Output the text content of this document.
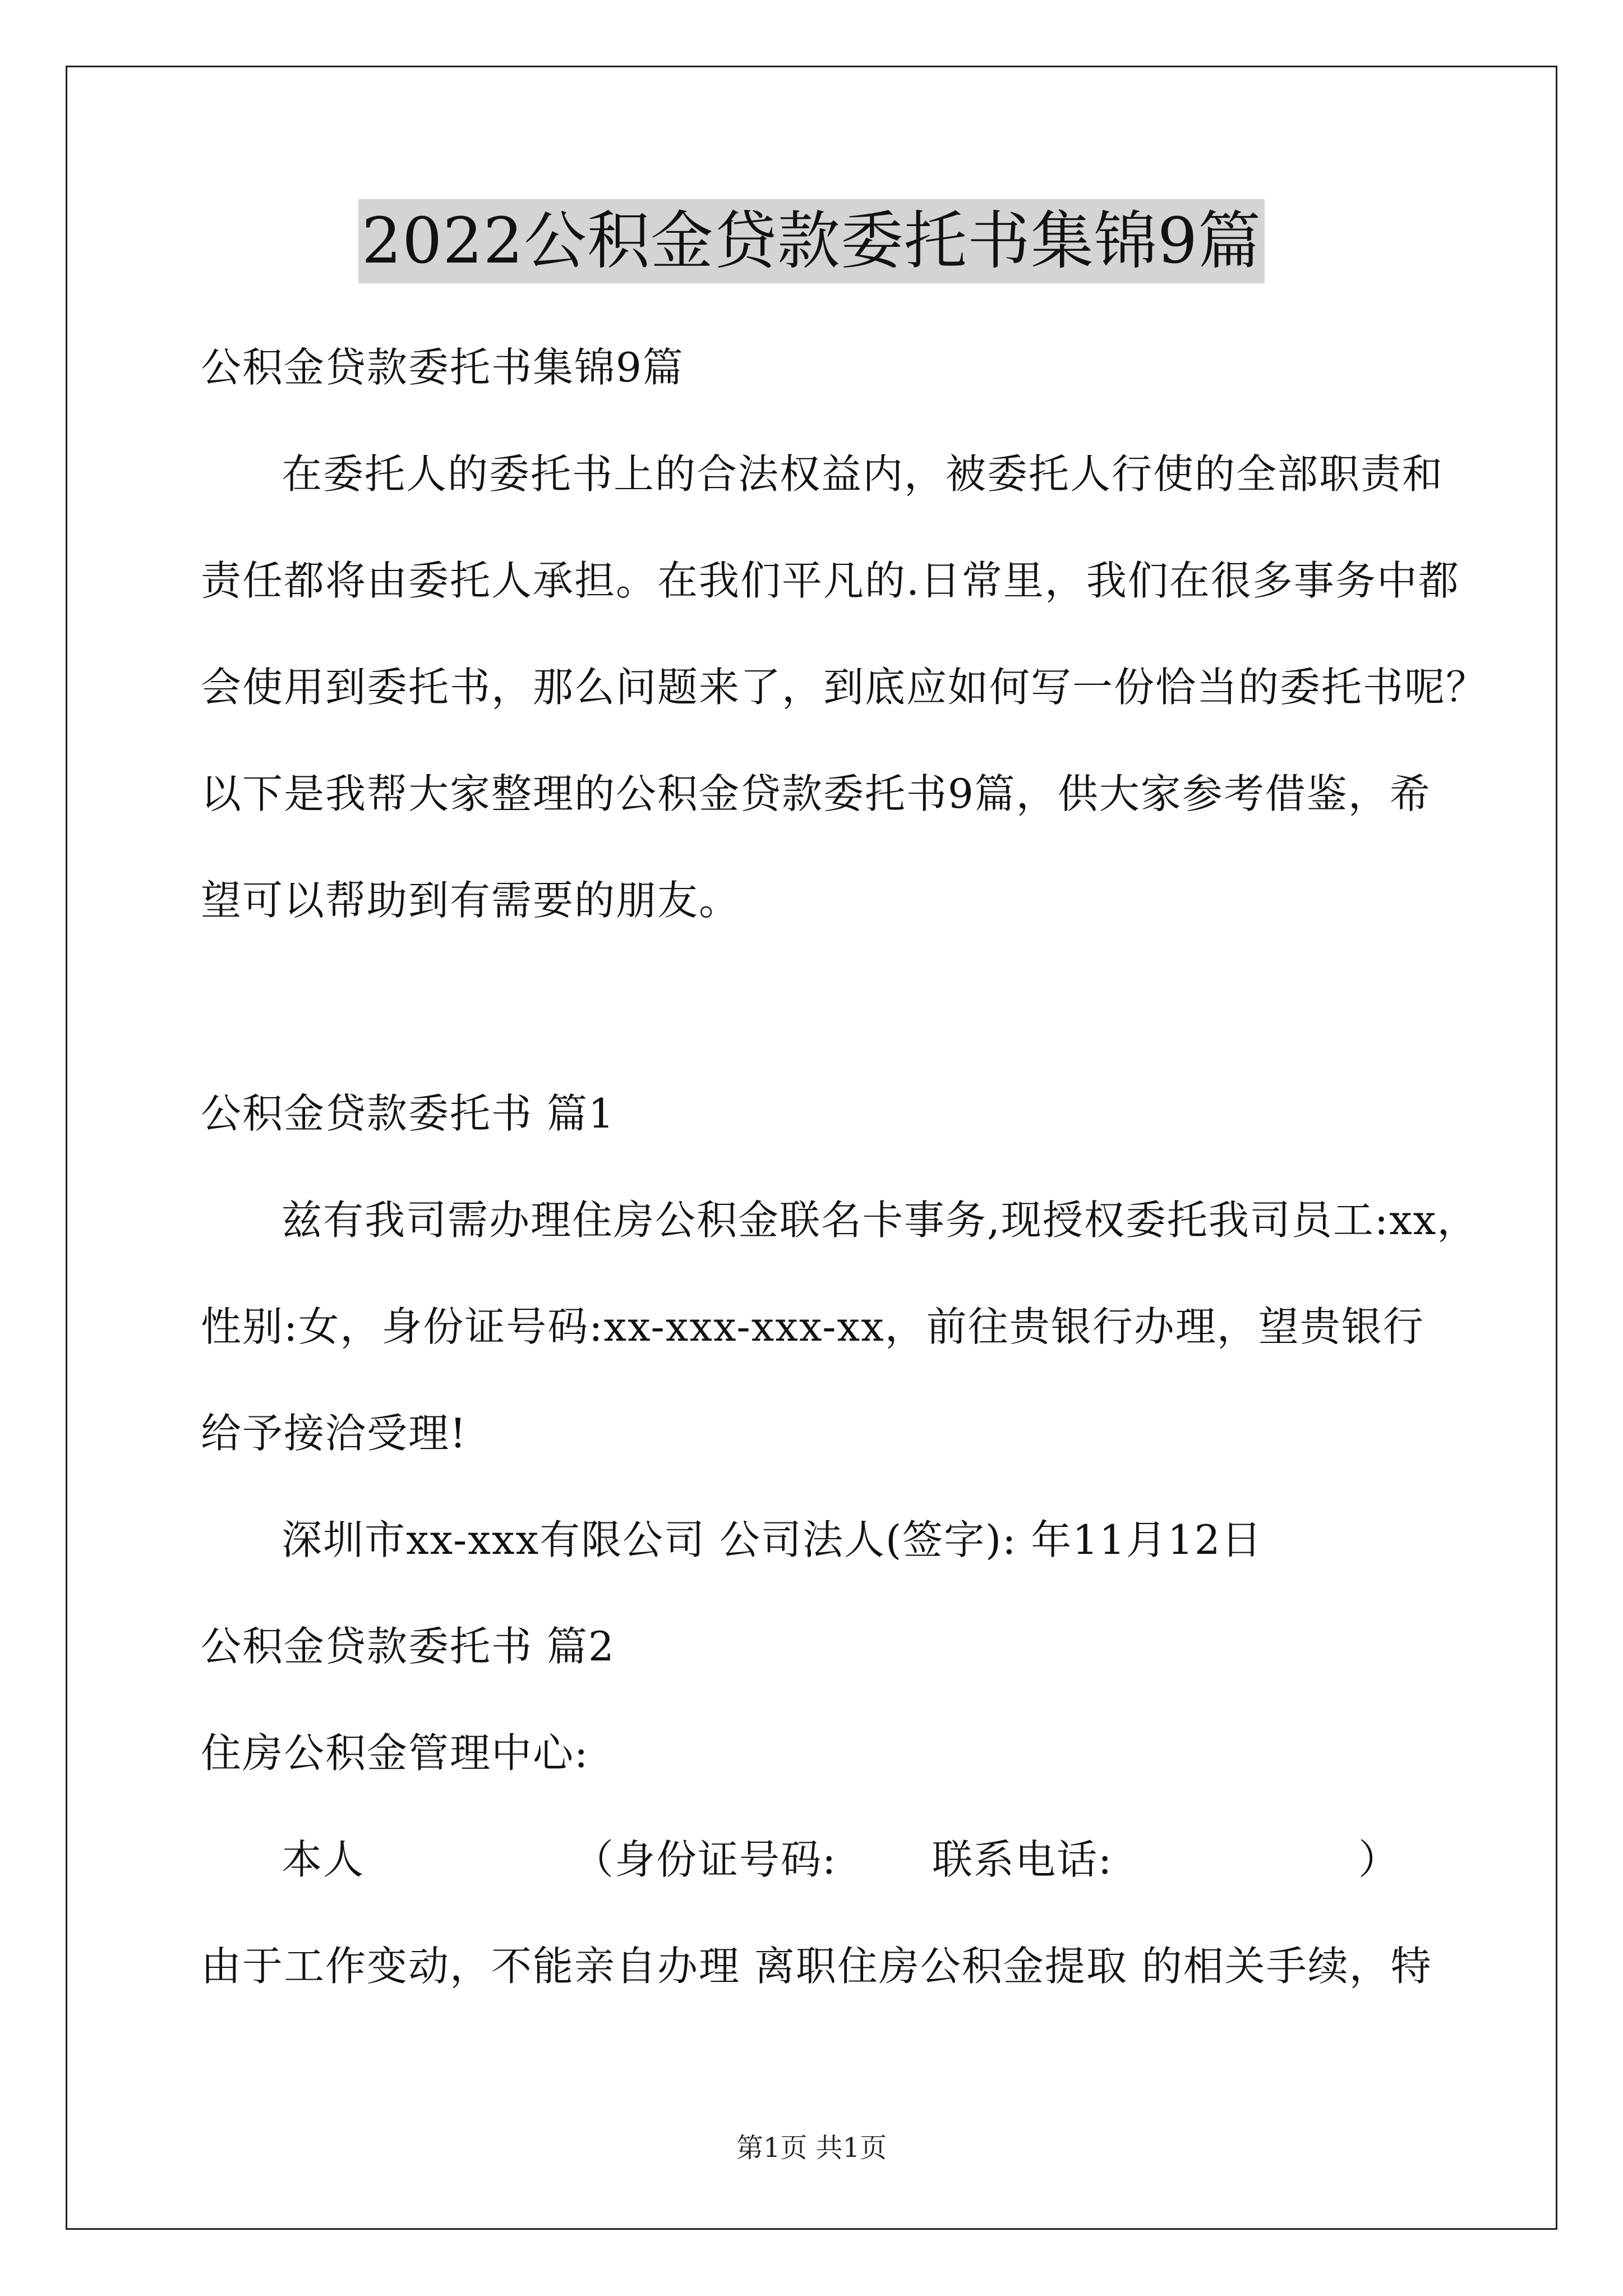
2022公积金贷款委托书集锦9篇
公积金贷款委托书集锦9篇
在委托人的委托书上的合法权益内，被委托人行使的全部职责和
责任都将由委托人承担。在我们平凡的.日常里，我们在很多事务中都
会使用到委托书，那么问题来了，到底应如何写一份恰当的委托书呢？
以下是我帮大家整理的公积金贷款委托书9篇，供大家参考借鉴，希
望可以帮助到有需要的朋友。
公积金贷款委托书 篇1
兹有我司需办理住房公积金联名卡事务,现授权委托我司员工:xx，
性别:女，身份证号码:xx-xxx-xxx-xx，前往贵银行办理，望贵银行
给予接洽受理!
深圳市xx-xxx有限公司 公司法人(签字): 年11月12日
公积金贷款委托书 篇2
住房公积金管理中心:
本人	（身份证号码: 联系电话:	）
由于工作变动，不能亲自办理 离职住房公积金提取 的相关手续，特
第1页 共1页
